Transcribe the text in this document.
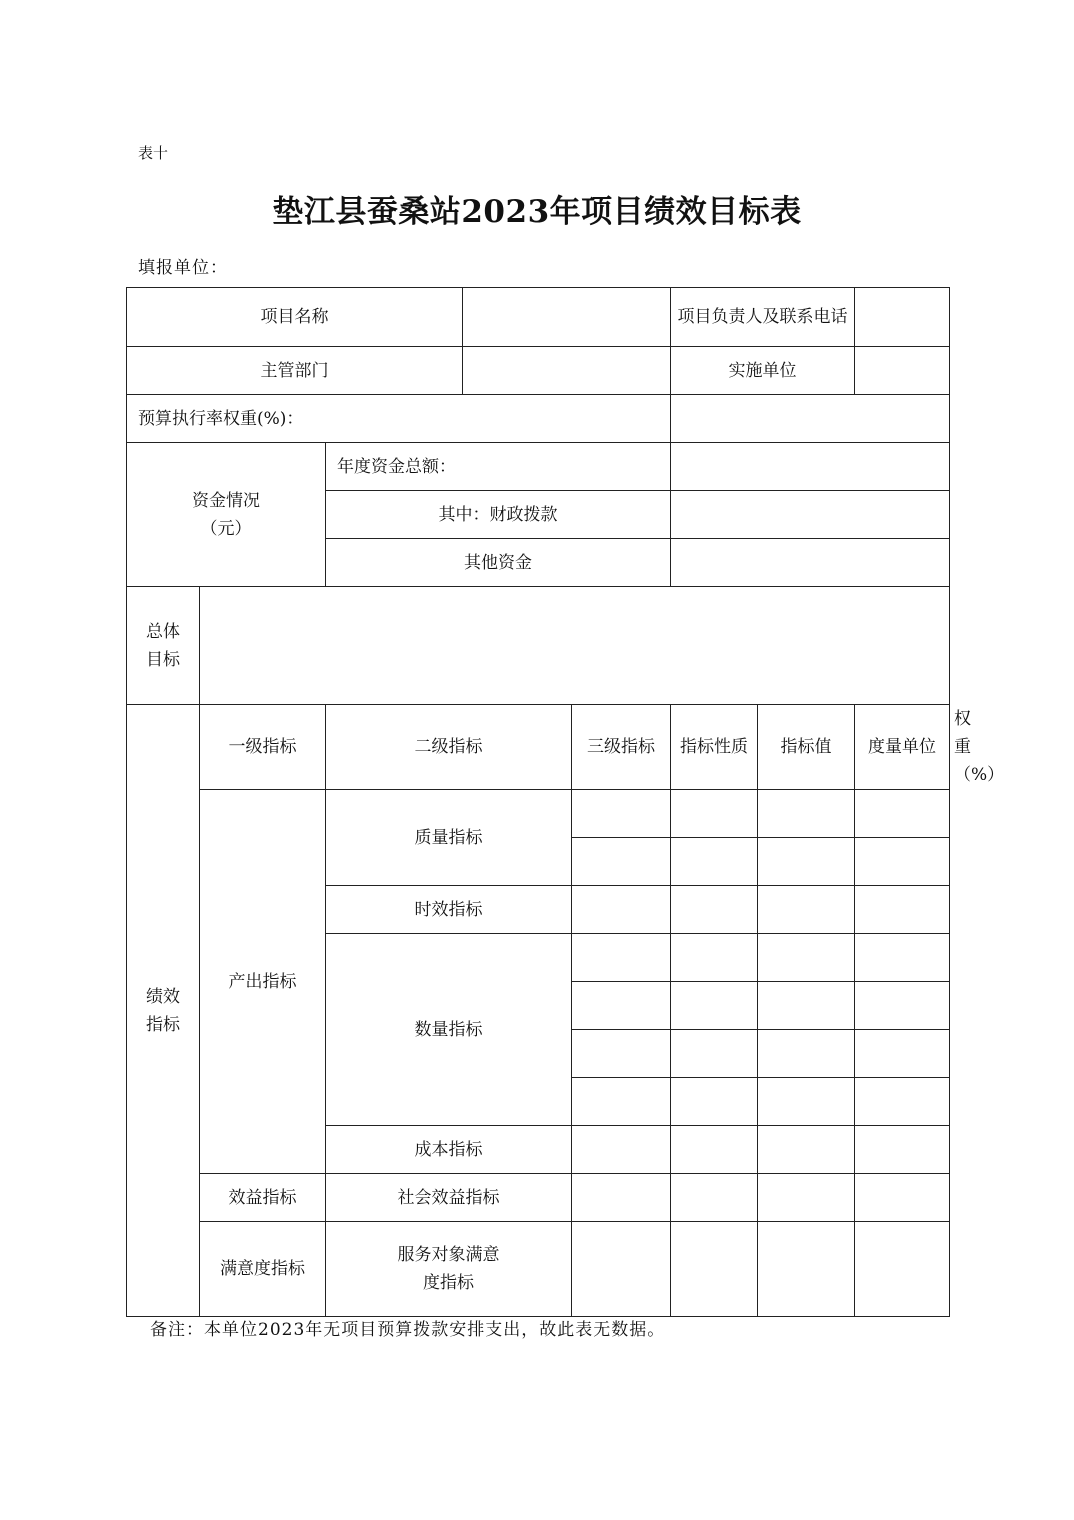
表十
垫江县蚕桑站2023年项目绩效目标表
填报单位：
项目名称					项目负责人及联系电话			
主管部门					实施单位			
预算执行率权重(%)：								
资金情况（元）		年度资金总额：						
		其中：财政拨款						
		其他资金						
总体目标								
绩效指标	一级指标	二级指标		三级指标	指标性质	指标值	度量单位	权重（%）
	产出指标	质量指标						

		时效指标						
		数量指标						

		成本指标						
	效益指标	社会效益指标						
	满意度指标	服务对象满意度指标						
备注：本单位2023年无项目预算拨款安排支出，故此表无数据。
